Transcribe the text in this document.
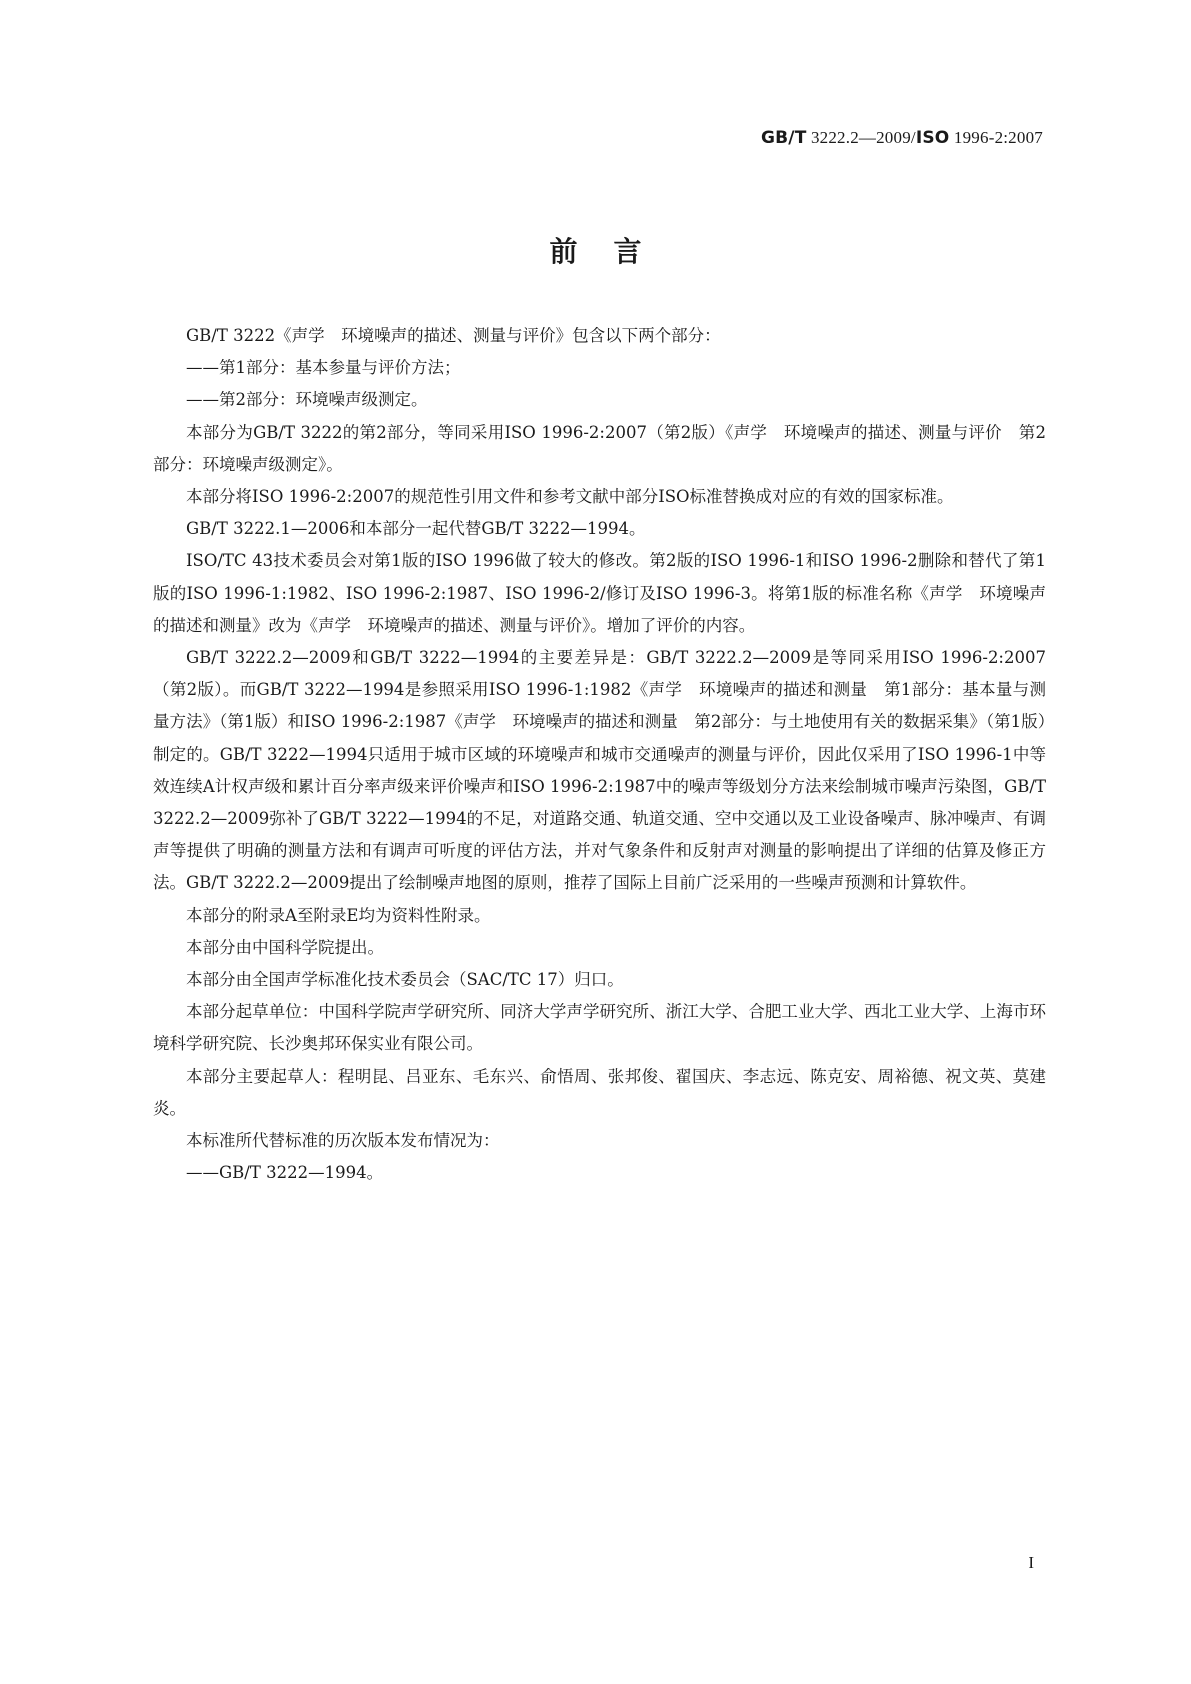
GB/T 3222.2—2009/ISO 1996-2:2007

前言

GB/T 3222《声学　环境噪声的描述、测量与评价》包含以下两个部分：

——第1部分：基本参量与评价方法；

——第2部分：环境噪声级测定。

本部分为GB/T 3222的第2部分，等同采用ISO 1996-2:2007（第2版）《声学　环境噪声的描述、测量与评价　第2部分：环境噪声级测定》。

本部分将ISO 1996-2:2007的规范性引用文件和参考文献中部分ISO标准替换成对应的有效的国家标准。

GB/T 3222.1—2006和本部分一起代替GB/T 3222—1994。

ISO/TC 43技术委员会对第1版的ISO 1996做了较大的修改。第2版的ISO 1996-1和ISO 1996-2删除和替代了第1版的ISO 1996-1:1982、ISO 1996-2:1987、ISO 1996-2/修订及ISO 1996-3。将第1版的标准名称《声学　环境噪声的描述和测量》改为《声学　环境噪声的描述、测量与评价》。增加了评价的内容。

GB/T 3222.2—2009和GB/T 3222—1994的主要差异是：GB/T 3222.2—2009是等同采用ISO 1996-2:2007（第2版）。而GB/T 3222—1994是参照采用ISO 1996-1:1982《声学　环境噪声的描述和测量　第1部分：基本量与测量方法》（第1版）和ISO 1996-2:1987《声学　环境噪声的描述和测量　第2部分：与土地使用有关的数据采集》（第1版）制定的。GB/T 3222—1994只适用于城市区域的环境噪声和城市交通噪声的测量与评价，因此仅采用了ISO 1996-1中等效连续A计权声级和累计百分率声级来评价噪声和ISO 1996-2:1987中的噪声等级划分方法来绘制城市噪声污染图，GB/T 3222.2—2009弥补了GB/T 3222—1994的不足，对道路交通、轨道交通、空中交通以及工业设备噪声、脉冲噪声、有调声等提供了明确的测量方法和有调声可听度的评估方法，并对气象条件和反射声对测量的影响提出了详细的估算及修正方法。GB/T 3222.2—2009提出了绘制噪声地图的原则，推荐了国际上目前广泛采用的一些噪声预测和计算软件。

本部分的附录A至附录E均为资料性附录。

本部分由中国科学院提出。

本部分由全国声学标准化技术委员会（SAC/TC 17）归口。

本部分起草单位：中国科学院声学研究所、同济大学声学研究所、浙江大学、合肥工业大学、西北工业大学、上海市环境科学研究院、长沙奥邦环保实业有限公司。

本部分主要起草人：程明昆、吕亚东、毛东兴、俞悟周、张邦俊、翟国庆、李志远、陈克安、周裕德、祝文英、莫建炎。

本标准所代替标准的历次版本发布情况为：

——GB/T 3222—1994。

I
